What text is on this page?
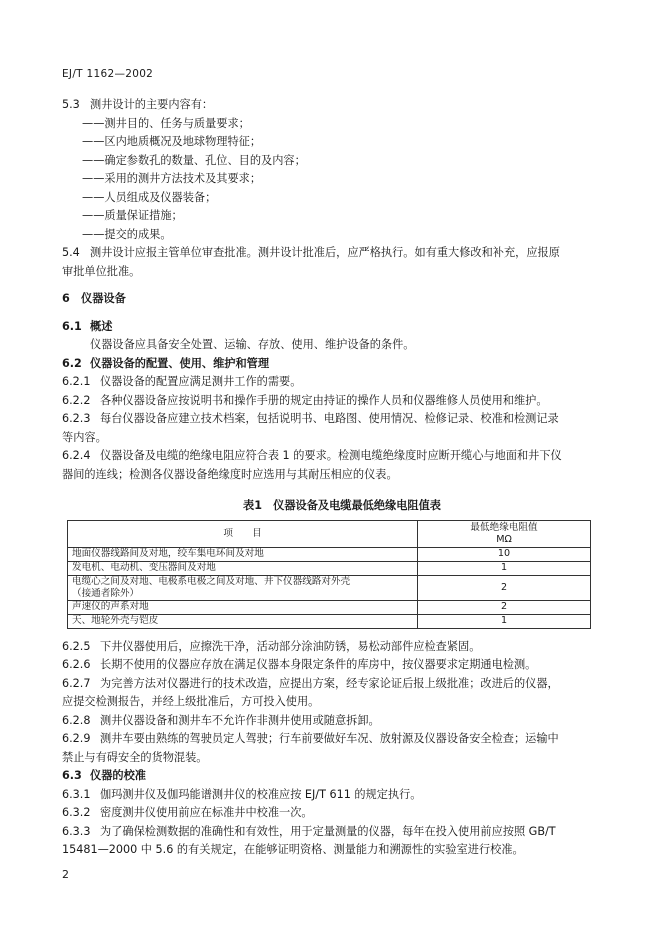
EJ/T 1162—2002
5.3 测井设计的主要内容有：
——测井目的、任务与质量要求；
——区内地质概况及地球物理特征；
——确定参数孔的数量、孔位、目的及内容；
——采用的测井方法技术及其要求；
——人员组成及仪器装备；
——质量保证措施；
——提交的成果。
5.4 测井设计应报主管单位审查批准。测井设计批准后，应严格执行。如有重大修改和补充，应报原
审批单位批准。
6　 仪器设备
6.1 概述
仪器设备应具备安全处置、运输、存放、使用、维护设备的条件。
6.2 仪器设备的配置、使用、维护和管理
6.2.1 仪器设备的配置应满足测井工作的需要。
6.2.2 各种仪器设备应按说明书和操作手册的规定由持证的操作人员和仪器维修人员使用和维护。
6.2.3 每台仪器设备应建立技术档案，包括说明书、电路图、使用情况、检修记录、校准和检测记录
等内容。
6.2.4 仪器设备及电缆的绝缘电阻应符合表 1 的要求。检测电缆绝缘度时应断开缆心与地面和井下仪
器间的连线；检测各仪器设备绝缘度时应选用与其耐压相应的仪表。
表1　仪器设备及电缆最低绝缘电阻值表
项　　目	最低绝缘电阻值
MΩ

地面仪器线路间及对地，绞车集电环间及对地	10
发电机、电动机、变压器间及对地	1

电缆心之间及对地、电极系电极之间及对地、井下仪器线路对外壳
（接通者除外）	2
声速仪的声系对地	2
天、地轮外壳与铠皮	1
6.2.5 下井仪器使用后，应擦洗干净，活动部分涂油防锈，易松动部件应检查紧固。
6.2.6 长期不使用的仪器应存放在满足仪器本身限定条件的库房中，按仪器要求定期通电检测。
6.2.7 为完善方法对仪器进行的技术改造，应提出方案，经专家论证后报上级批准；改进后的仪器，
应提交检测报告，并经上级批准后，方可投入使用。
6.2.8 测井仪器设备和测井车不允许作非测井使用或随意拆卸。
6.2.9 测井车要由熟练的驾驶员定人驾驶；行车前要做好车况、放射源及仪器设备安全检查；运输中
禁止与有碍安全的货物混装。
6.3 仪器的校准
6.3.1 伽玛测井仪及伽玛能谱测井仪的校准应按 EJ/T 611 的规定执行。
6.3.2 密度测井仪使用前应在标准井中校准一次。
6.3.3 为了确保检测数据的准确性和有效性，用于定量测量的仪器，每年在投入使用前应按照 GB/T
15481—2000 中 5.6 的有关规定，在能够证明资格、测量能力和溯源性的实验室进行校准。
2
